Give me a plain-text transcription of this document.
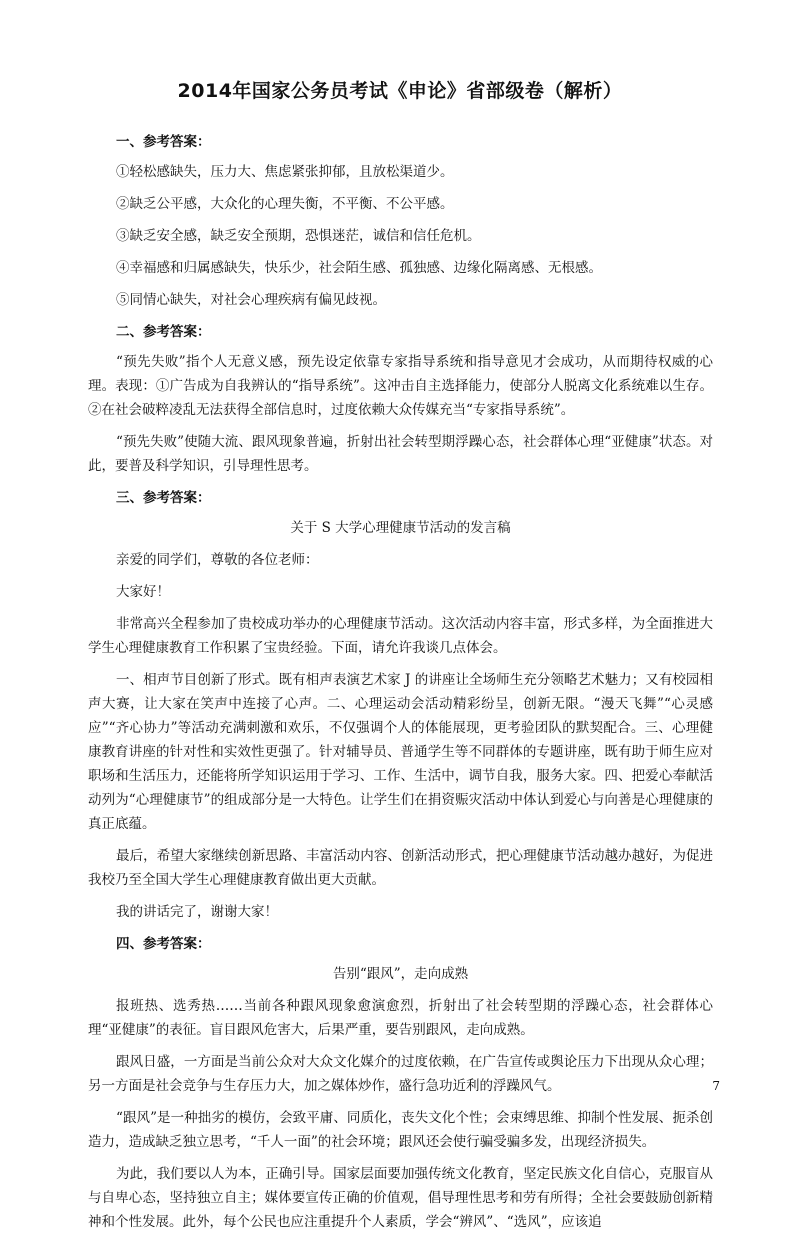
2014年国家公务员考试《申论》省部级卷（解析）
一、参考答案：
①轻松感缺失，压力大、焦虑紧张抑郁，且放松渠道少。
②缺乏公平感，大众化的心理失衡，不平衡、不公平感。
③缺乏安全感，缺乏安全预期，恐惧迷茫，诚信和信任危机。
④幸福感和归属感缺失，快乐少，社会陌生感、孤独感、边缘化隔离感、无根感。
⑤同情心缺失，对社会心理疾病有偏见歧视。
二、参考答案：

“预先失败”指个人无意义感，预先设定依靠专家指导系统和指导意见才会成功，从而期待权威的心理。表现：①广告成为自我辨认的“指导系统”。这冲击自主选择能力，使部分人脱离文化系统难以生存。②在社会破粹凌乱无法获得全部信息时，过度依赖大众传媒充当“专家指导系统”。

“预先失败”使随大流、跟风现象普遍，折射出社会转型期浮躁心态，社会群体心理“亚健康”状态。对此，要普及科学知识，引导理性思考。

三、参考答案：
关于 S 大学心理健康节活动的发言稿

亲爱的同学们，尊敬的各位老师：

大家好！

非常高兴全程参加了贵校成功举办的心理健康节活动。这次活动内容丰富，形式多样，为全面推进大学生心理健康教育工作积累了宝贵经验。下面，请允许我谈几点体会。

一、相声节目创新了形式。既有相声表演艺术家 J 的讲座让全场师生充分领略艺术魅力；又有校园相声大赛，让大家在笑声中连接了心声。二、心理运动会活动精彩纷呈，创新无限。“漫天飞舞”“心灵感应”“齐心协力”等活动充满刺激和欢乐，不仅强调个人的体能展现，更考验团队的默契配合。三、心理健康教育讲座的针对性和实效性更强了。针对辅导员、普通学生等不同群体的专题讲座，既有助于师生应对职场和生活压力，还能将所学知识运用于学习、工作、生活中，调节自我，服务大家。四、把爱心奉献活动列为“心理健康节”的组成部分是一大特色。让学生们在捐资赈灾活动中体认到爱心与向善是心理健康的真正底蕴。

最后，希望大家继续创新思路、丰富活动内容、创新活动形式，把心理健康节活动越办越好，为促进我校乃至全国大学生心理健康教育做出更大贡献。

我的讲话完了，谢谢大家！

四、参考答案：
告别“跟风”，走向成熟

报班热、选秀热……当前各种跟风现象愈演愈烈，折射出了社会转型期的浮躁心态，社会群体心理“亚健康”的表征。盲目跟风危害大，后果严重，要告别跟风，走向成熟。

跟风日盛，一方面是当前公众对大众文化媒介的过度依赖，在广告宣传或舆论压力下出现从众心理；另一方面是社会竞争与生存压力大，加之媒体炒作，盛行急功近利的浮躁风气。

“跟风”是一种拙劣的模仿，会致平庸、同质化，丧失文化个性；会束缚思维、抑制个性发展、扼杀创造力，造成缺乏独立思考，“千人一面”的社会环境；跟风还会使行骗受骗多发，出现经济损失。

为此，我们要以人为本，正确引导。国家层面要加强传统文化教育，坚定民族文化自信心，克服盲从与自卑心态，坚持独立自主；媒体要宣传正确的价值观，倡导理性思考和劳有所得；全社会要鼓励创新精神和个性发展。此外，每个公民也应注重提升个人素质，学会“辨风”、“选风”，应该追

7
